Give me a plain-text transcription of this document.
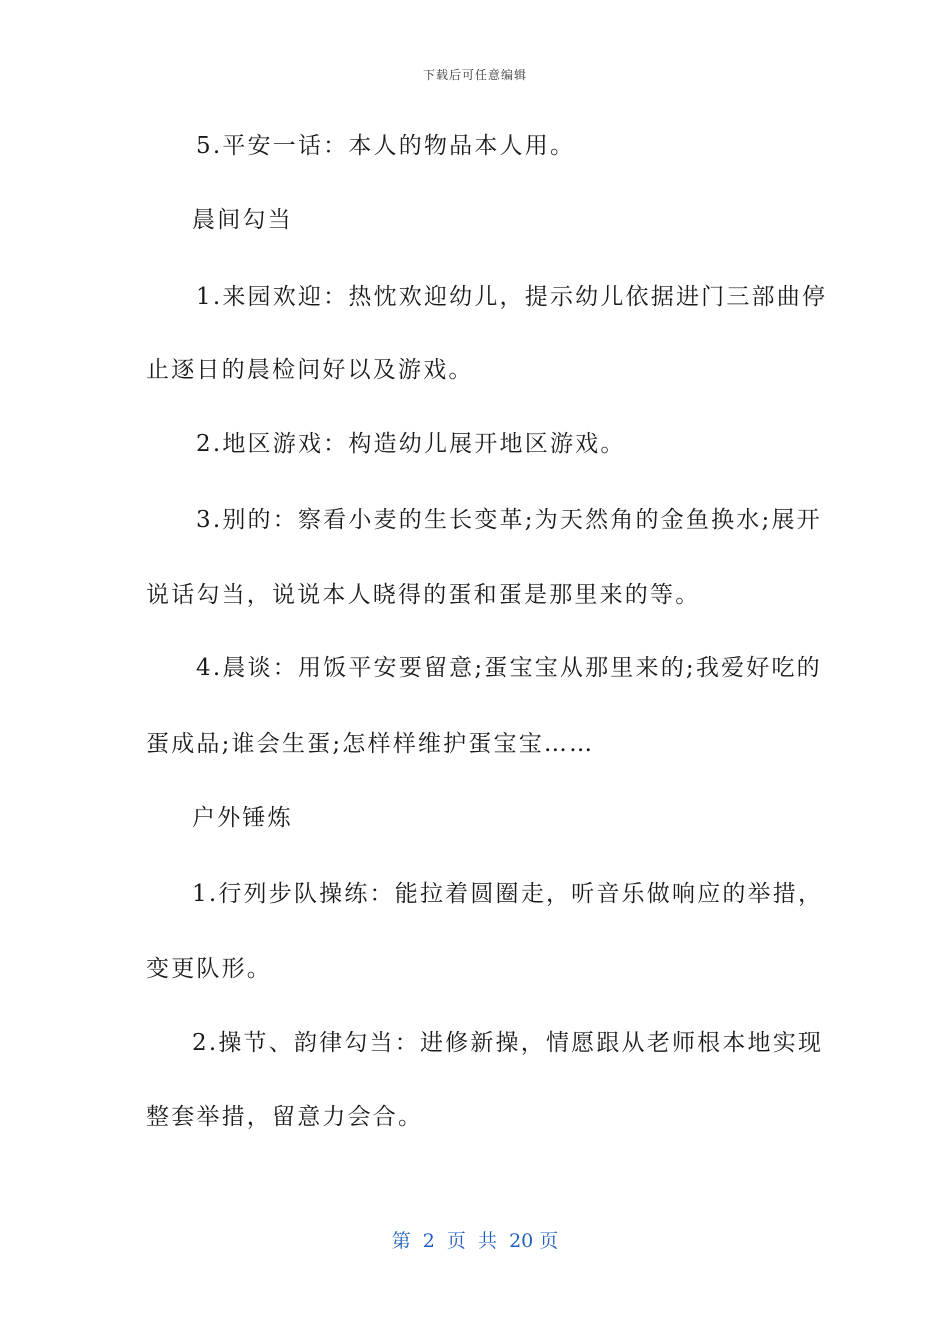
下载后可任意编辑
5.平安一话：本人的物品本人用。
晨间勾当
1.来园欢迎：热忱欢迎幼儿，提示幼儿依据进门三部曲停
止逐日的晨检问好以及游戏。
2.地区游戏：构造幼儿展开地区游戏。
3.别的：察看小麦的生长变革;为天然角的金鱼换水;展开
说话勾当，说说本人晓得的蛋和蛋是那里来的等。
4.晨谈：用饭平安要留意;蛋宝宝从那里来的;我爱好吃的
蛋成品;谁会生蛋;怎样样维护蛋宝宝……
户外锤炼
1.行列步队操练：能拉着圆圈走，听音乐做响应的举措，
变更队形。
2.操节、韵律勾当：进修新操，情愿跟从老师根本地实现
整套举措，留意力会合。
第  2  页  共  20 页
